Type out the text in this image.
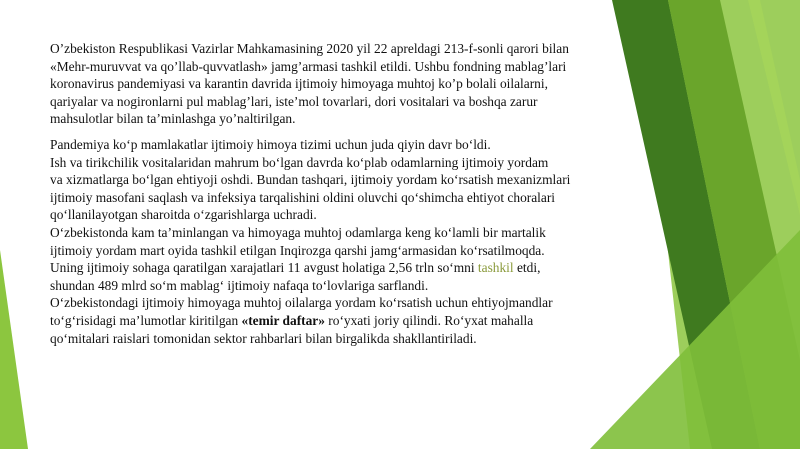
O’zbekiston Respublikasi Vazirlar Mahkamasining 2020 yil 22 apreldagi 213-f-sonli qarori bilan
«Mehr-muruvvat va qo’llab-quvvatlash» jamg’armasi tashkil etildi. Ushbu fondning mablag’lari
koronavirus pandemiyasi va karantin davrida ijtimoiy himoyaga muhtoj ko’p bolali oilalarni,
qariyalar va nogironlarni pul mablag’lari, iste’mol tovarlari, dori vositalari va boshqa zarur
mahsulotlar bilan ta’minlashga yo’naltirilgan.

Pandemiya ko‘p mamlakatlar ijtimoiy himoya tizimi uchun juda qiyin davr bo‘ldi.
Ish va tirikchilik vositalaridan mahrum bo‘lgan davrda ko‘plab odamlarning ijtimoiy yordam
va xizmatlarga bo‘lgan ehtiyoji oshdi. Bundan tashqari, ijtimoiy yordam ko‘rsatish mexanizmlari
ijtimoiy masofani saqlash va infeksiya tarqalishini oldini oluvchi qo‘shimcha ehtiyot choralari
qo‘llanilayotgan sharoitda o‘zgarishlarga uchradi.
O‘zbekistonda kam ta’minlangan va himoyaga muhtoj odamlarga keng ko‘lamli bir martalik
ijtimoiy yordam mart oyida tashkil etilgan Inqirozga qarshi jamg‘armasidan ko‘rsatilmoqda.
Uning ijtimoiy sohaga qaratilgan xarajatlari 11 avgust holatiga 2,56 trln so‘mni tashkil etdi,
shundan 489 mlrd so‘m mablag‘ ijtimoiy nafaqa to‘lovlariga sarflandi.
O‘zbekistondagi ijtimoiy himoyaga muhtoj oilalarga yordam ko‘rsatish uchun ehtiyojmandlar
to‘g‘risidagi ma’lumotlar kiritilgan «temir daftar» ro‘yxati joriy qilindi. Ro‘yxat mahalla
qo‘mitalari raislari tomonidan sektor rahbarlari bilan birgalikda shakllantiriladi.
